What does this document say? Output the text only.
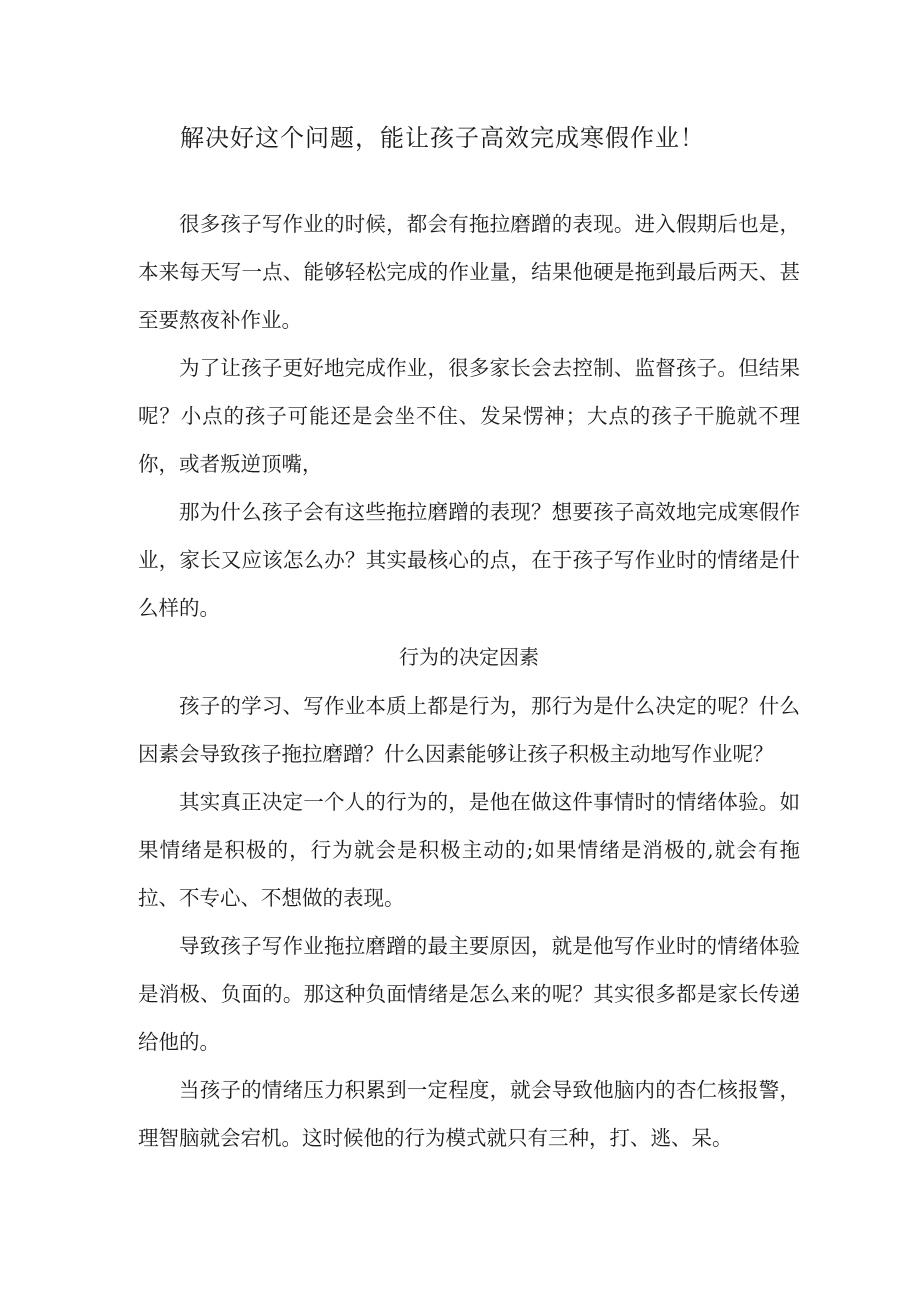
解决好这个问题，能让孩子高效完成寒假作业！

很多孩子写作业的时候，都会有拖拉磨蹭的表现。进入假期后也是，本来每天写一点、能够轻松完成的作业量，结果他硬是拖到最后两天、甚至要熬夜补作业。

为了让孩子更好地完成作业，很多家长会去控制、监督孩子。但结果呢？小点的孩子可能还是会坐不住、发呆愣神；大点的孩子干脆就不理你，或者叛逆顶嘴，

那为什么孩子会有这些拖拉磨蹭的表现？想要孩子高效地完成寒假作业，家长又应该怎么办？其实最核心的点，在于孩子写作业时的情绪是什么样的。

行为的决定因素

孩子的学习、写作业本质上都是行为，那行为是什么决定的呢？什么因素会导致孩子拖拉磨蹭？什么因素能够让孩子积极主动地写作业呢？

其实真正决定一个人的行为的，是他在做这件事情时的情绪体验。如果情绪是积极的，行为就会是积极主动的;如果情绪是消极的,就会有拖拉、不专心、不想做的表现。

导致孩子写作业拖拉磨蹭的最主要原因，就是他写作业时的情绪体验是消极、负面的。那这种负面情绪是怎么来的呢？其实很多都是家长传递给他的。

当孩子的情绪压力积累到一定程度，就会导致他脑内的杏仁核报警，理智脑就会宕机。这时候他的行为模式就只有三种，打、逃、呆。
